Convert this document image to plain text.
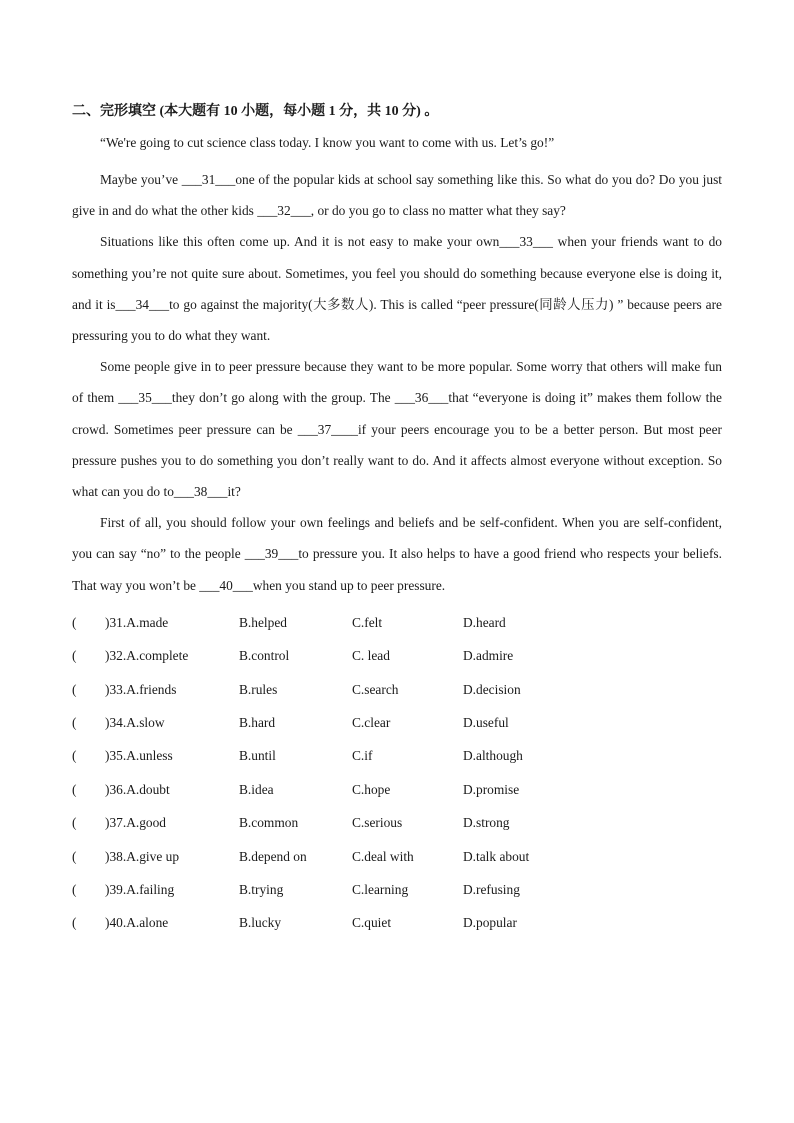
二、完形填空 (本大题有 10 小题，每小题 1 分，共 10 分) 。

“We're going to cut science class today. I know you want to come with us. Let’s go!”

Maybe you’ve ___31___one of the popular kids at school say something like this. So what do you do? Do you just give in and do what the other kids ___32___, or do you go to class no matter what they say?

Situations like this often come up. And it is not easy to make your own___33___ when your friends want to do something you’re not quite sure about. Sometimes, you feel you should do something because everyone else is doing it, and it is___34___to go against the majority(大多数人). This is called “peer pressure(同龄人压力) ” because peers are pressuring you to do what they want.

Some people give in to peer pressure because they want to be more popular. Some worry that others will make fun of them ___35___they don’t go along with the group. The ___36___that “everyone is doing it” makes them follow the crowd. Sometimes peer pressure can be ___37____if your peers encourage you to be a better person. But most peer pressure pushes you to do something you don’t really want to do. And it affects almost everyone without exception. So what can you do to___38___it?

First of all, you should follow your own feelings and beliefs and be self-confident. When you are self-confident, you can say “no” to the people ___39___to pressure you. It also helps to have a good friend who respects your beliefs. That way you won’t be ___40___when you stand up to peer pressure.

( )31.A.made	B.helped	C.felt	D.heard
( )32.A.complete	B.control	C. lead	D.admire
( )33.A.friends	B.rules	C.search	D.decision
( )34.A.slow	B.hard	C.clear	D.useful
( )35.A.unless	B.until	C.if	D.although
( )36.A.doubt	B.idea	C.hope	D.promise
( )37.A.good	B.common	C.serious	D.strong
( )38.A.give up	B.depend on	C.deal with	D.talk about
( )39.A.failing	B.trying	C.learning	D.refusing
( )40.A.alone	B.lucky	C.quiet	D.popular
